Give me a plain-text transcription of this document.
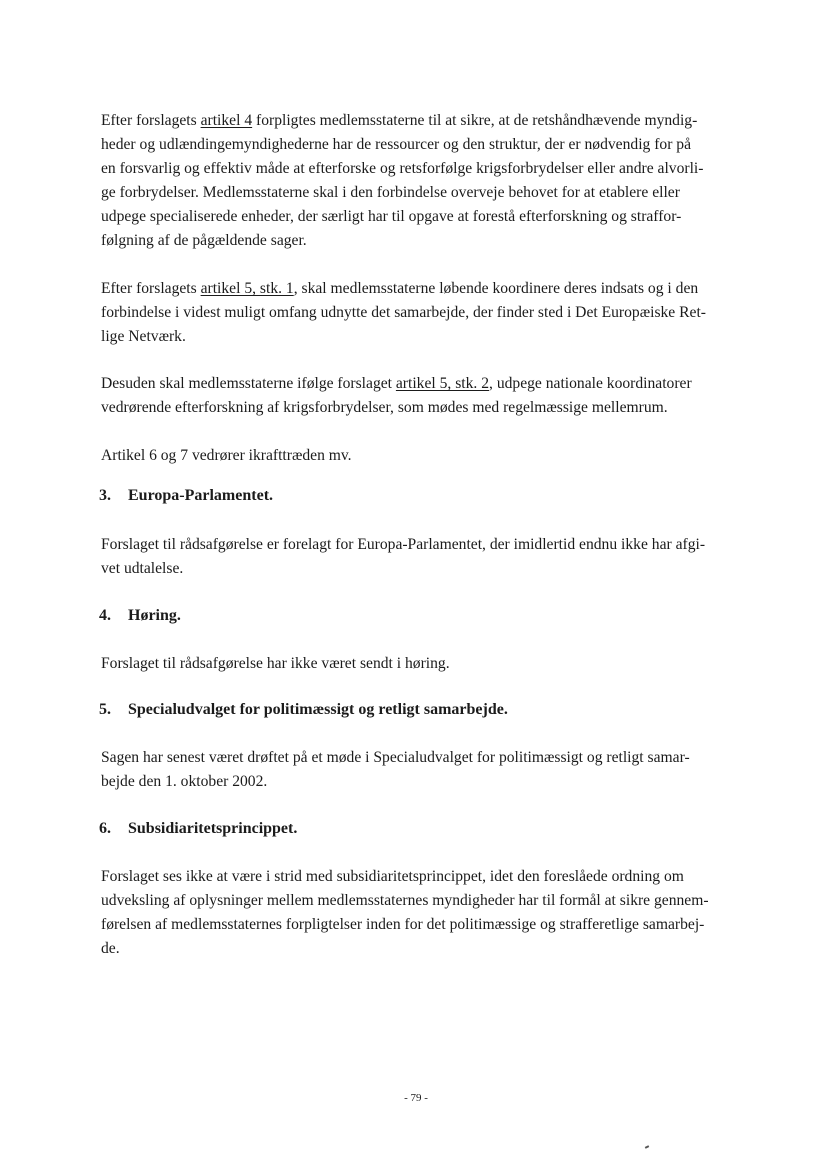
Efter forslagets artikel 4 forpligtes medlemsstaterne til at sikre, at de retshåndhævende myndig-
heder og udlændingemyndighederne har de ressourcer og den struktur, der er nødvendig for på
en forsvarlig og effektiv måde at efterforske og retsforfølge krigsforbrydelser eller andre alvorli-
ge forbrydelser. Medlemsstaterne skal i den forbindelse overveje behovet for at etablere eller
udpege specialiserede enheder, der særligt har til opgave at forestå efterforskning og straffor-
følgning af de pågældende sager.
Efter forslagets artikel 5, stk. 1, skal medlemsstaterne løbende koordinere deres indsats og i den
forbindelse i videst muligt omfang udnytte det samarbejde, der finder sted i Det Europæiske Ret-
lige Netværk.
Desuden skal medlemsstaterne ifølge forslaget artikel 5, stk. 2, udpege nationale koordinatorer
vedrørende efterforskning af krigsforbrydelser, som mødes med regelmæssige mellemrum.
Artikel 6 og 7 vedrører ikrafttræden mv.
3. Europa-Parlamentet.
Forslaget til rådsafgørelse er forelagt for Europa-Parlamentet, der imidlertid endnu ikke har afgi-
vet udtalelse.
4. Høring.
Forslaget til rådsafgørelse har ikke været sendt i høring.
5. Specialudvalget for politimæssigt og retligt samarbejde.
Sagen har senest været drøftet på et møde i Specialudvalget for politimæssigt og retligt samar-
bejde den 1. oktober 2002.
6. Subsidiaritetsprincippet.
Forslaget ses ikke at være i strid med subsidiaritetsprincippet, idet den foreslåede ordning om
udveksling af oplysninger mellem medlemsstaternes myndigheder har til formål at sikre gennem-
førelsen af medlemsstaternes forpligtelser inden for det politimæssige og strafferetlige samarbej-
de.
- 79 -
